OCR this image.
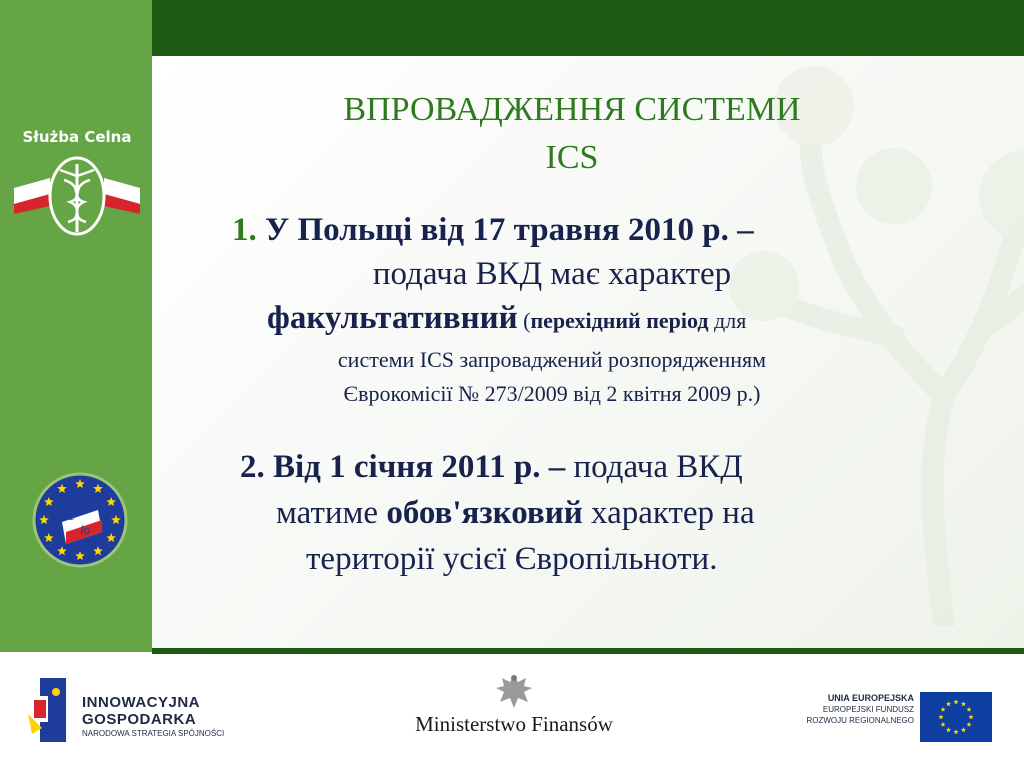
Służba Celna
e
lo
ВПРОВАДЖЕННЯ СИСТЕМИ
ICS
1. У Польщі від 17 травня 2010 р. –
подача ВКД має характер
факультативний (перехідний період для
системи ICS запроваджений розпорядженням
Єврокомісії № 273/2009 від 2 квітня 2009 р.)
2. Від 1 січня 2011 р. – подача ВКД
матиме обов'язковий характер на
території усієї Європільноти.
INNOWACYJNA
GOSPODARKA
NARODOWA STRATEGIA SPÓJNOŚCI	Ministerstwo Finansów
UNIA EUROPEJSKA
EUROPEJSKI FUNDUSZ
ROZWOJU REGIONALNEGO
